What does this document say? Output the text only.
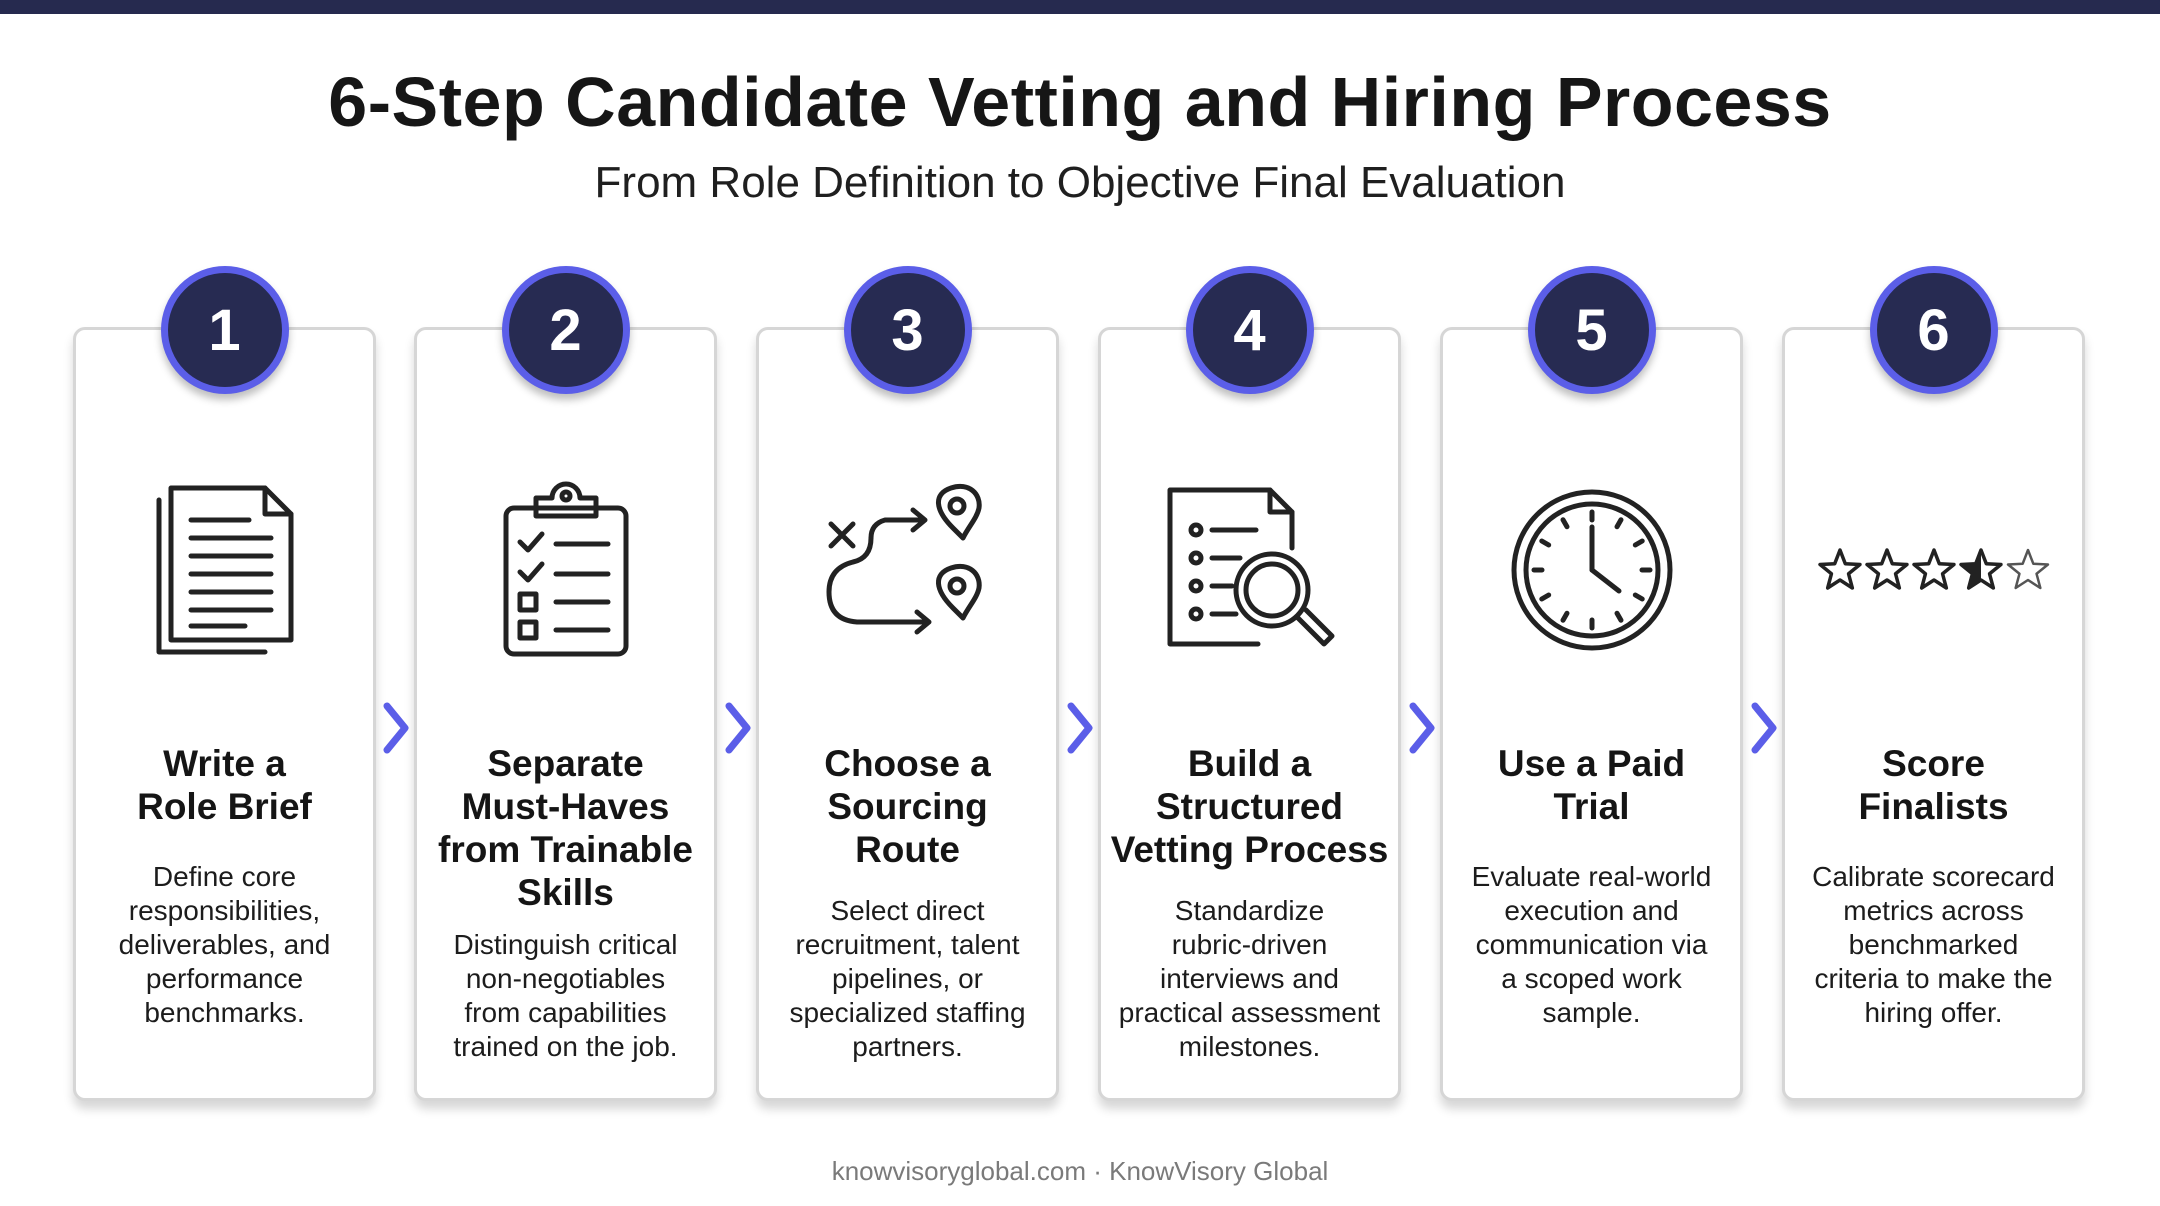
6-Step Candidate Vetting and Hiring Process
From Role Definition to Objective Final Evaluation
1
Write a
Role Brief
Define core
responsibilities,
deliverables, and
performance
benchmarks.
2
Separate
Must-Haves
from Trainable
Skills
Distinguish critical
non-negotiables
from capabilities
trained on the job.
3
Choose a
Sourcing
Route
Select direct
recruitment, talent
pipelines, or
specialized staffing
partners.
4
Build a
Structured
Vetting Process
Standardize
rubric-driven
interviews and
practical assessment
milestones.
5
Use a Paid
Trial
Evaluate real-world
execution and
communication via
a scoped work
sample.
6
Score
Finalists
Calibrate scorecard
metrics across
benchmarked
criteria to make the
hiring offer.
knowvisoryglobal.com · KnowVisory Global
